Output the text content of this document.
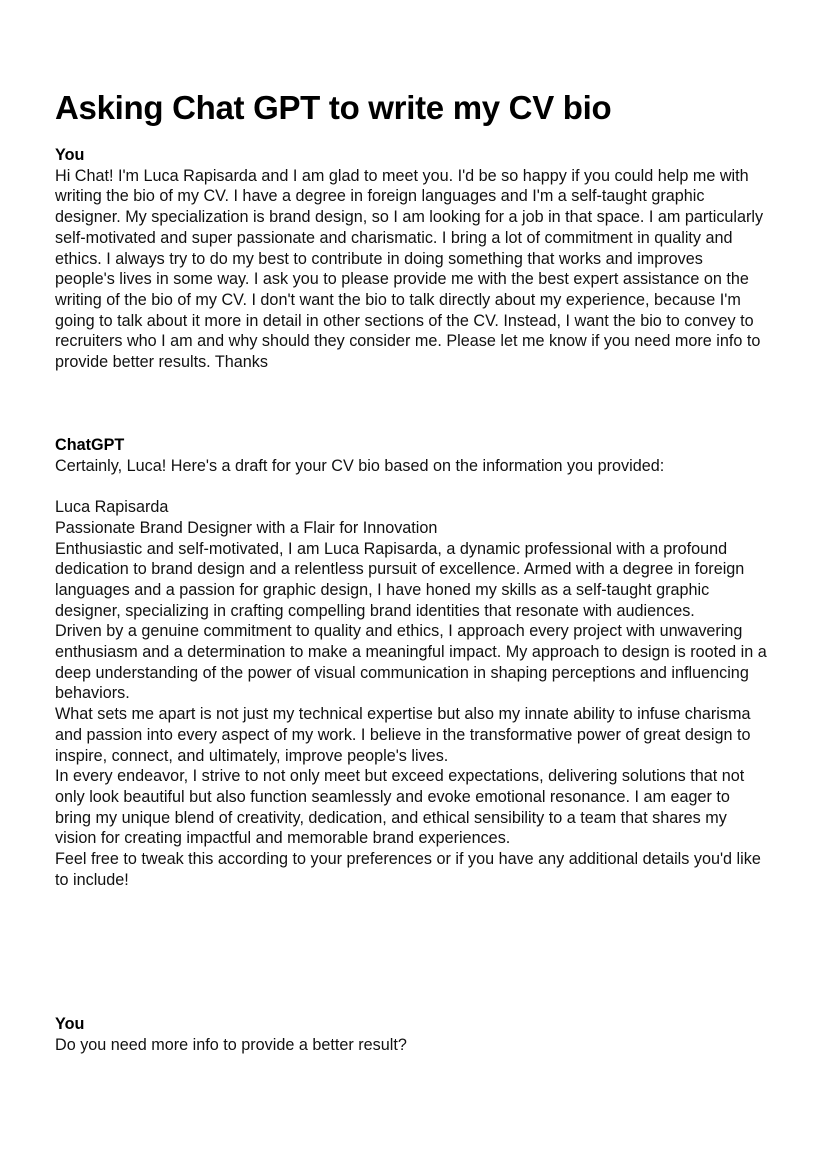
Asking Chat GPT to write my CV bio
You

Hi Chat! I'm Luca Rapisarda and I am glad to meet you. I'd be so happy if you could help me with writing the bio of my CV. I have a degree in foreign languages and I'm a self-taught graphic designer. My specialization is brand design, so I am looking for a job in that space. I am particularly self-motivated and super passionate and charismatic. I bring a lot of commitment in quality and ethics. I always try to do my best to contribute in doing something that works and improves people's lives in some way. I ask you to please provide me with the best expert assistance on the writing of the bio of my CV. I don't want the bio to talk directly about my experience, because I'm going to talk about it more in detail in other sections of the CV. Instead, I want the bio to convey to recruiters who I am and why should they consider me. Please let me know if you need more info to provide better results. Thanks

ChatGPT

Certainly, Luca! Here's a draft for your CV bio based on the information you provided:

Luca Rapisarda

Passionate Brand Designer with a Flair for Innovation

Enthusiastic and self-motivated, I am Luca Rapisarda, a dynamic professional with a profound dedication to brand design and a relentless pursuit of excellence. Armed with a degree in foreign languages and a passion for graphic design, I have honed my skills as a self-taught graphic designer, specializing in crafting compelling brand identities that resonate with audiences.

Driven by a genuine commitment to quality and ethics, I approach every project with unwavering enthusiasm and a determination to make a meaningful impact. My approach to design is rooted in a deep understanding of the power of visual communication in shaping perceptions and influencing behaviors.

What sets me apart is not just my technical expertise but also my innate ability to infuse charisma and passion into every aspect of my work. I believe in the transformative power of great design to inspire, connect, and ultimately, improve people's lives.

In every endeavor, I strive to not only meet but exceed expectations, delivering solutions that not only look beautiful but also function seamlessly and evoke emotional resonance. I am eager to bring my unique blend of creativity, dedication, and ethical sensibility to a team that shares my vision for creating impactful and memorable brand experiences.

Feel free to tweak this according to your preferences or if you have any additional details you'd like to include!

You

Do you need more info to provide a better result?
